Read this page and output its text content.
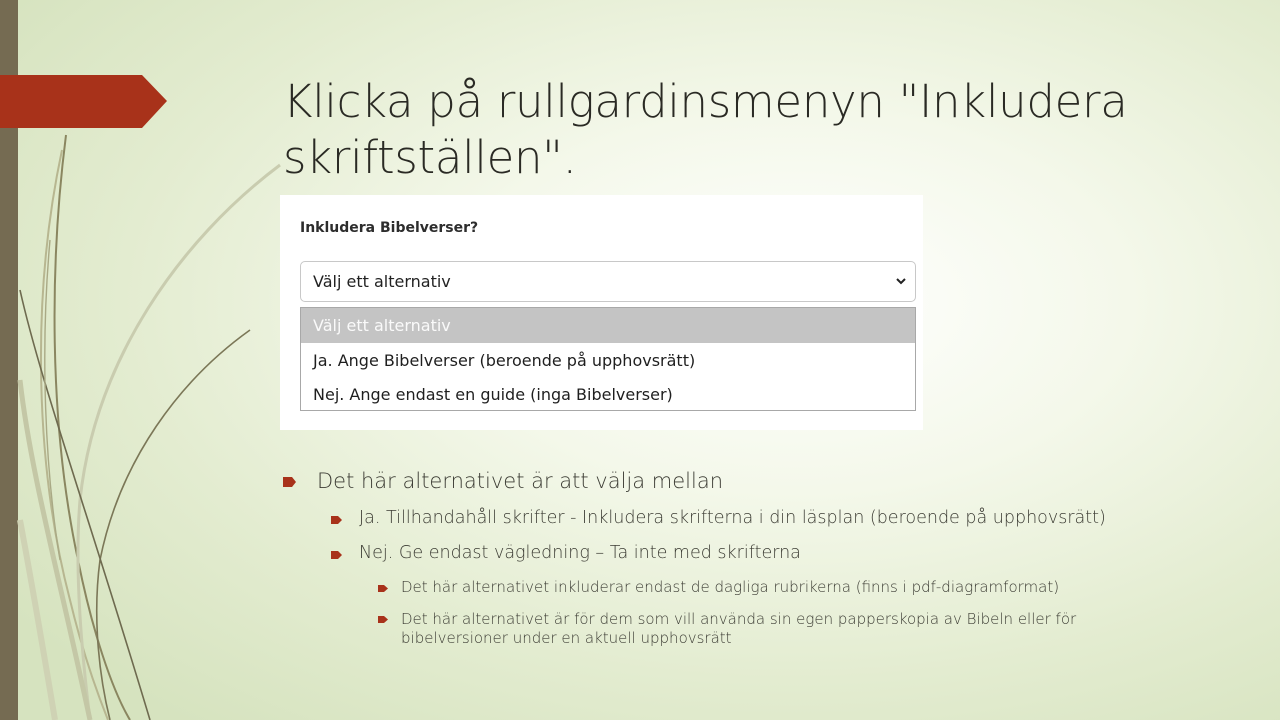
Klicka på rullgardinsmenyn "Inkludera skriftställen".
Inkludera Bibelverser?
Välj ett alternativ
Välj ett alternativ
Ja. Ange Bibelverser (beroende på upphovsrätt)
Nej. Ange endast en guide (inga Bibelverser)
Det här alternativet är att välja mellan
Ja. Tillhandahåll skrifter - Inkludera skrifterna i din läsplan (beroende på upphovsrätt)
Nej. Ge endast vägledning – Ta inte med skrifterna
Det här alternativet inkluderar endast de dagliga rubrikerna (finns i pdf-diagramformat)
Det här alternativet är för dem som vill använda sin egen papperskopia av Bibeln eller för bibelversioner under en aktuell upphovsrätt
